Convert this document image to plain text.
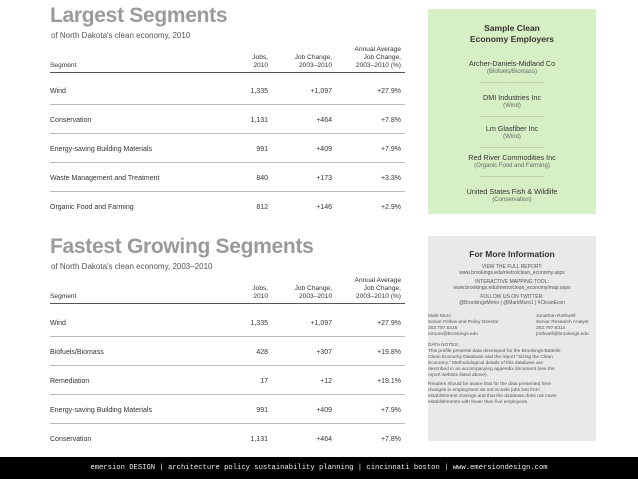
Largest Segments
of North Dakota's clean economy, 2010
Segment
Jobs,
2010
Job Change,
2003–2010
Annual Average
Job Change,
2003–2010 (%)
Wind	1,335	+1,097	+27.9%
Conservation	1,131	+464	+7.8%
Energy-saving Building Materials	991	+409	+7.9%
Waste Management and Treatment	840	+173	+3.3%
Organic Food and Farming	812	+146	+2.9%
Fastest Growing Segments
of North Dakota's clean economy, 2003–2010
Segment
Jobs,
2010
Job Change,
2003–2010
Annual Average
Job Change,
2003–2010 (%)
Wind	1,335	+1,097	+27.9%
Biofuels/Biomass	428	+307	+19.8%
Remediation	17	+12	+19.1%
Energy-saving Building Materials	991	+409	+7.9%
Conservation	1,131	+464	+7.8%
Sample Clean
Economy Employers
Archer-Daniels-Midland Co
(Biofuels/Biomass)
--------------------------
DMI Industries Inc
(Wind)
--------------------------
Lm Glasfiber Inc
(Wind)
--------------------------
Red River Commodities Inc
(Organic Food and Farming)
--------------------------
United States Fish & Wildlife
(Conservation)
For More Information
VIEW THE FULL REPORT:
www.brookings.edu/metro/clean_economy.aspx
INTERACTIVE MAPPING TOOL:
www.brookings.edu/metro/clean_economy/map.aspx
FOLLOW US ON TWITTER:
@BrookingsMetro | @MarkMuro1 | #CleanEcon
Mark Muro
Senior Fellow and Policy Director
202.797.6315
mmuro@brookings.edu
Jonathan Rothwell
Senior Research Analyst
202.797.6314
jrothwell@brookings.edu
DATA NOTES:
This profile presents data developed for the Brookings-Battelle
Clean Economy Database and the report "Sizing the Clean
Economy." Methodological details of this database are
described in an accompanying appendix document (see the
report website listed above).
Readers should be aware that for the data presented here
changes in employment do not include jobs lost from
establishment closings and that the database does not cover
establishments with fewer than five employees.
emersion DESIGN | architecture policy sustainability planning | cincinnati boston | www.emersiondesign.com
